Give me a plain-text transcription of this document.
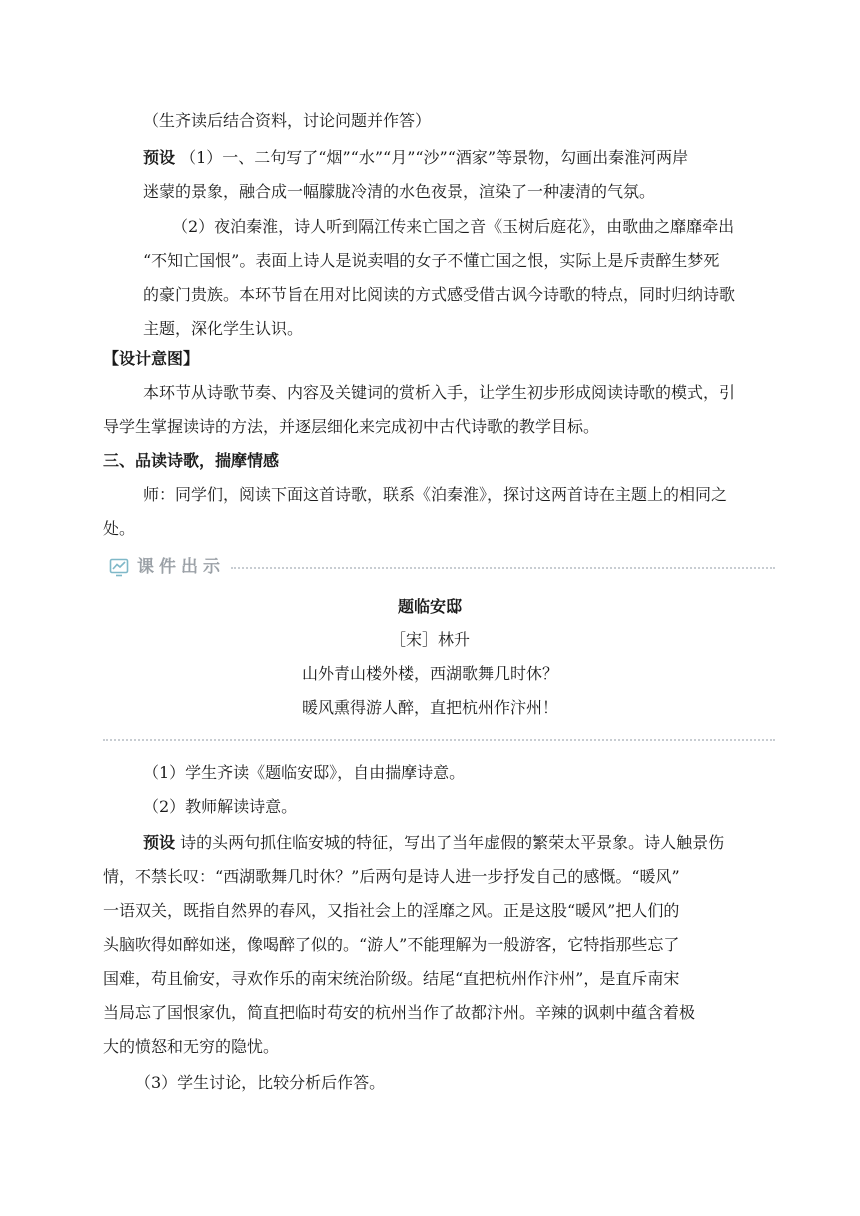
（生齐读后结合资料，讨论问题并作答）
预设 （1）一、二句写了“烟”“水”“月”“沙”“酒家”等景物，勾画出秦淮河两岸
迷蒙的景象，融合成一幅朦胧冷清的水色夜景，渲染了一种凄清的气氛。
（2）夜泊秦淮，诗人听到隔江传来亡国之音《玉树后庭花》，由歌曲之靡靡牵出
“不知亡国恨”。表面上诗人是说卖唱的女子不懂亡国之恨，实际上是斥责醉生梦死
的豪门贵族。本环节旨在用对比阅读的方式感受借古讽今诗歌的特点，同时归纳诗歌
主题，深化学生认识。
【设计意图】
本环节从诗歌节奏、内容及关键词的赏析入手，让学生初步形成阅读诗歌的模式，引
导学生掌握读诗的方法，并逐层细化来完成初中古代诗歌的教学目标。
三、品读诗歌，揣摩情感
师：同学们，阅读下面这首诗歌，联系《泊秦淮》，探讨这两首诗在主题上的相同之
处。
课件出示
题临安邸
［宋］林升
山外青山楼外楼，西湖歌舞几时休？
暖风熏得游人醉，直把杭州作汴州！
（1）学生齐读《题临安邸》，自由揣摩诗意。
（2）教师解读诗意。
预设 诗的头两句抓住临安城的特征，写出了当年虚假的繁荣太平景象。诗人触景伤
情，不禁长叹：“西湖歌舞几时休？”后两句是诗人进一步抒发自己的感慨。“暖风”
一语双关，既指自然界的春风，又指社会上的淫靡之风。正是这股“暖风”把人们的
头脑吹得如醉如迷，像喝醉了似的。“游人”不能理解为一般游客，它特指那些忘了
国难，苟且偷安，寻欢作乐的南宋统治阶级。结尾“直把杭州作汴州”，是直斥南宋
当局忘了国恨家仇，简直把临时苟安的杭州当作了故都汴州。辛辣的讽刺中蕴含着极
大的愤怒和无穷的隐忧。
（3）学生讨论，比较分析后作答。
